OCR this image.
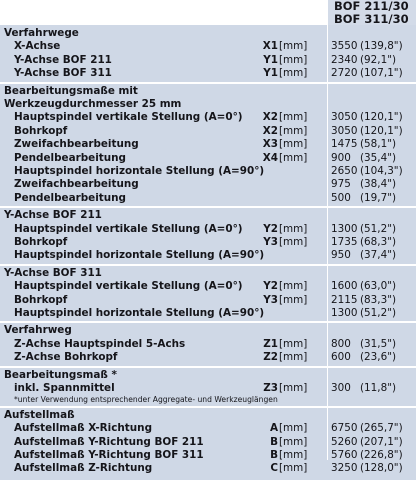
BOF 211/30
BOF 311/30
Verfahrwege
X-Achse	X1 [mm] 3550 (139,8")
Y-Achse BOF 211	Y1 [mm] 2340 (92,1")
Y-Achse BOF 311	Y1 [mm] 2720 (107,1")
Bearbeitungsmaße mit
Werkzeugdurchmesser 25 mm
Hauptspindel vertikale Stellung (A=0°) X2 [mm] 3050 (120,1")
Bohrkopf	X2 [mm] 3050 (120,1")
Zweifachbearbeitung	X3 [mm] 1475 (58,1")
Pendelbearbeitung	X4 [mm] 900 (35,4")
Hauptspindel horizontale Stellung (A=90°)	2650 (104,3")
Zweifachbearbeitung	975 (38,4")
Pendelbearbeitung	500 (19,7")
Y-Achse BOF 211
Hauptspindel vertikale Stellung (A=0°) Y2 [mm] 1300 (51,2")
Bohrkopf	Y3 [mm] 1735 (68,3")
Hauptspindel horizontale Stellung (A=90°)	950 (37,4")
Y-Achse BOF 311
Hauptspindel vertikale Stellung (A=0°) Y2 [mm] 1600 (63,0")
Bohrkopf	Y3 [mm] 2115 (83,3")
Hauptspindel horizontale Stellung (A=90°)	1300 (51,2")
Verfahrweg
Z-Achse Hauptspindel 5-Achs	Z1 [mm] 800 (31,5")
Z-Achse Bohrkopf	Z2 [mm] 600 (23,6")
Bearbeitungsmaß *
inkl. Spannmittel	Z3 [mm] 300 (11,8")
*unter Verwendung entsprechender Aggregate- und Werkzeuglängen
Aufstellmaß
Aufstellmaß X-Richtung	A [mm] 6750 (265,7")
Aufstellmaß Y-Richtung BOF 211	B [mm] 5260 (207,1")
Aufstellmaß Y-Richtung BOF 311	B [mm] 5760 (226,8")
Aufstellmaß Z-Richtung	C [mm] 3250 (128,0")
